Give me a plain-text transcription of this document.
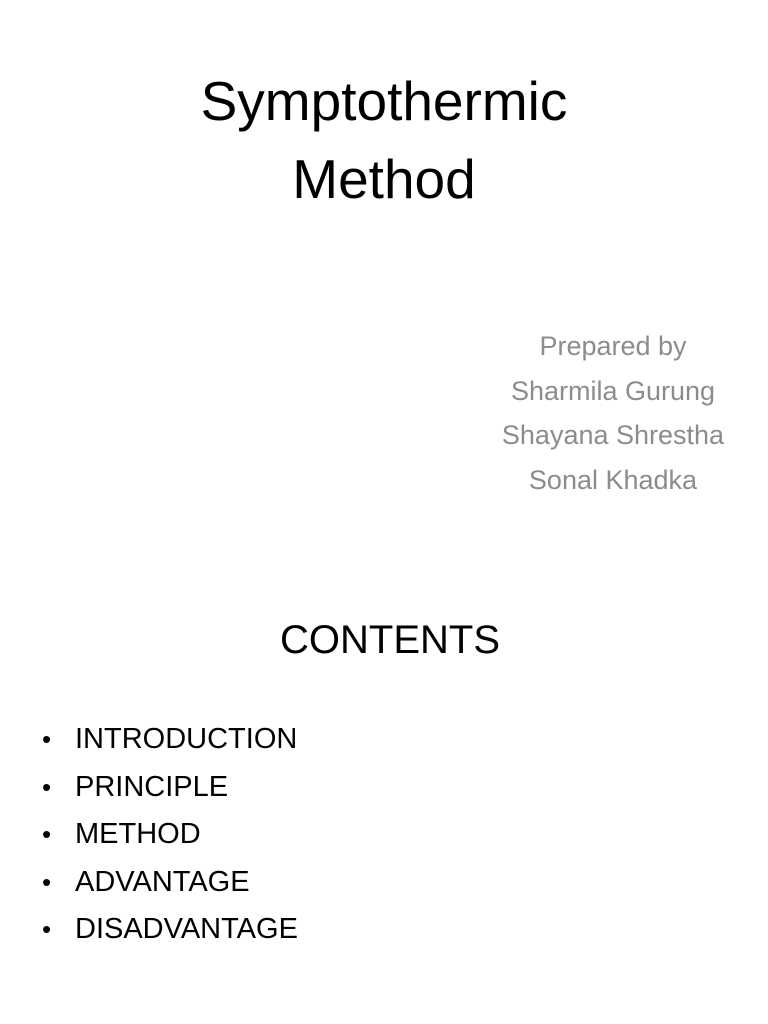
Symptothermic
Method
Prepared by
Sharmila Gurung
Shayana Shrestha
Sonal Khadka
CONTENTS
• INTRODUCTION
• PRINCIPLE
• METHOD
• ADVANTAGE
• DISADVANTAGE
